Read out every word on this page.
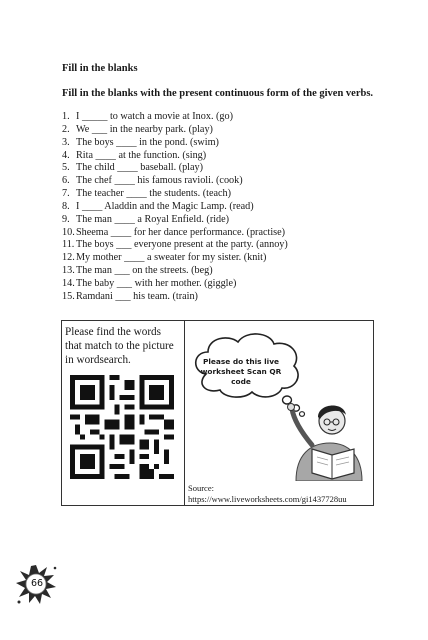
Fill in the blanks
Fill in the blanks with the present continuous form of the given verbs.
1. I _____ to watch a movie at Inox. (go)
2. We ___ in the nearby park. (play)
3. The boys ____ in the pond. (swim)
4. Rita ____ at the function. (sing)
5. The child ____ baseball. (play)
6. The chef ____ his famous ravioli. (cook)
7. The teacher ____ the students. (teach)
8. I ____ Aladdin and the Magic Lamp. (read)
9. The man ____ a Royal Enfield. (ride)
10.Sheema ____ for her dance performance. (practise)
11. The boys ___ everyone present at the party. (annoy)
12.My mother ____ a sweater for my sister. (knit)
13.The man ___ on the streets. (beg)
14.The baby ___ with her mother. (giggle)
15.Ramdani ___ his team. (train)
Please find the words that match to the picture in wordsearch.	Please do this live worksheet Scan QR code
Source: https://www.liveworksheets.com/gi1437728uu
66
